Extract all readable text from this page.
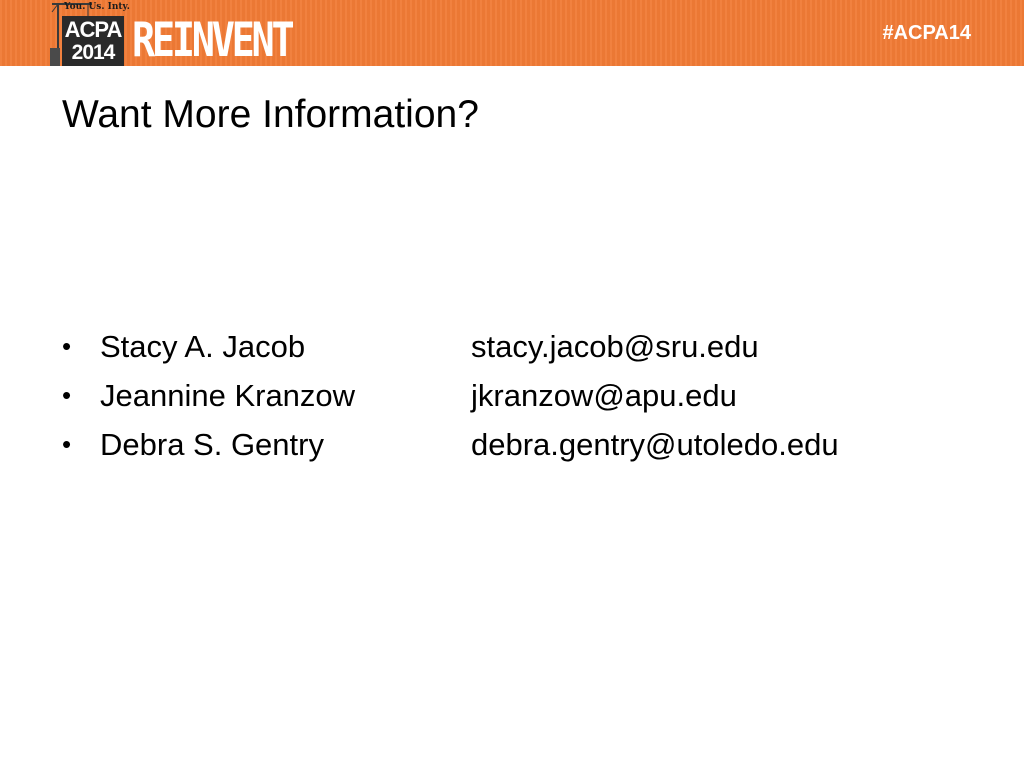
You. Us. Inty.
ACPA
2014 REINVENT	#ACPA14
Want More Information?
• Stacy A. Jacob	stacy.jacob@sru.edu
• Jeannine Kranzow	jkranzow@apu.edu
• Debra S. Gentry	debra.gentry@utoledo.edu
